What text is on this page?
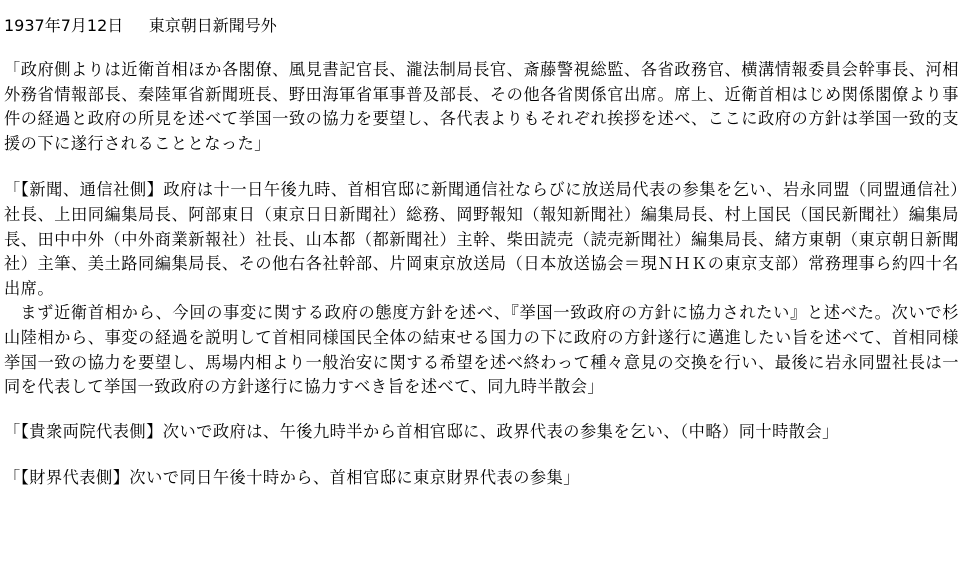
1937年7月12日 東京朝日新聞号外
「政府側よりは近衛首相ほか各閣僚、風見書記官長、瀧法制局長官、斎藤警視総監、各省政務官、横溝情報委員会幹事長、河相外務省情報部長、秦陸軍省新聞班長、野田海軍省軍事普及部長、その他各省関係官出席。席上、近衛首相はじめ関係閣僚より事件の経過と政府の所見を述べて挙国一致の協力を要望し、各代表よりもそれぞれ挨拶を述べ、ここに政府の方針は挙国一致的支援の下に遂行されることとなった」
「【新聞、通信社側】政府は十一日午後九時、首相官邸に新聞通信社ならびに放送局代表の参集を乞い、岩永同盟（同盟通信社）社長、上田同編集局長、阿部東日（東京日日新聞社）総務、岡野報知（報知新聞社）編集局長、村上国民（国民新聞社）編集局長、田中中外（中外商業新報社）社長、山本都（都新聞社）主幹、柴田読売（読売新聞社）編集局長、緒方東朝（東京朝日新聞社）主筆、美土路同編集局長、その他右各社幹部、片岡東京放送局（日本放送協会＝現ＮＨＫの東京支部）常務理事ら約四十名出席。
まず近衛首相から、今回の事変に関する政府の態度方針を述べ、『挙国一致政府の方針に協力されたい』と述べた。次いで杉山陸相から、事変の経過を説明して首相同様国民全体の結束せる国力の下に政府の方針遂行に邁進したい旨を述べて、首相同様挙国一致の協力を要望し、馬場内相より一般治安に関する希望を述べ終わって種々意見の交換を行い、最後に岩永同盟社長は一同を代表して挙国一致政府の方針遂行に協力すべき旨を述べて、同九時半散会」
「【貴衆両院代表側】次いで政府は、午後九時半から首相官邸に、政界代表の参集を乞い、（中略）同十時散会」
「【財界代表側】次いで同日午後十時から、首相官邸に東京財界代表の参集」
